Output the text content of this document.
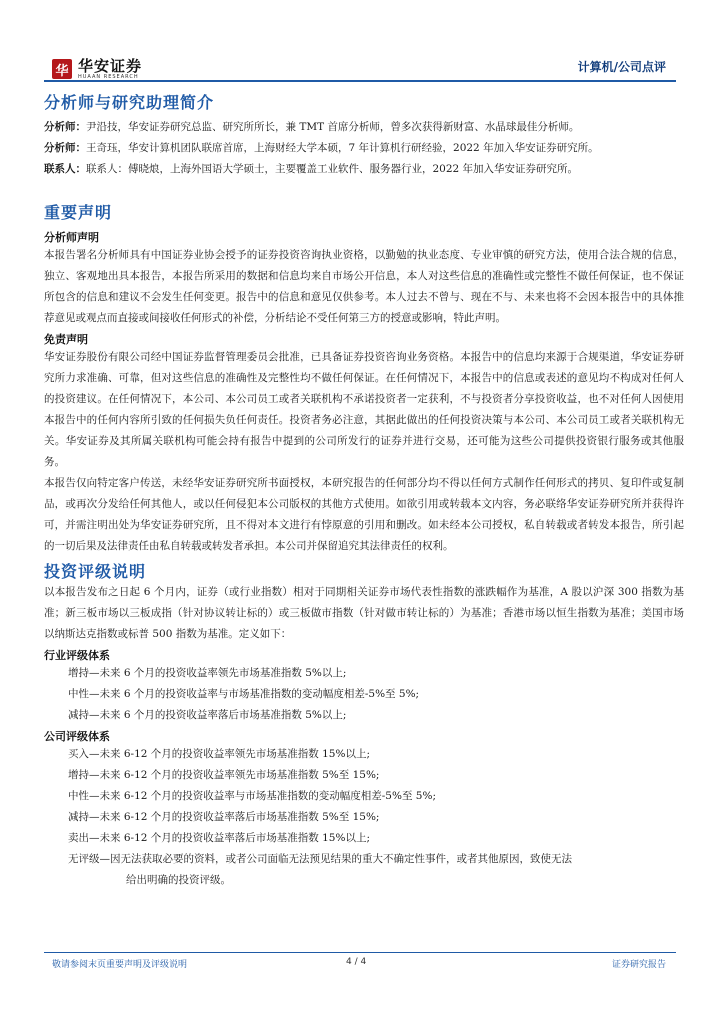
华 华安证券
HUAAN RESEARCH
计算机/公司点评
分析师与研究助理简介
分析师：尹沿技，华安证券研究总监、研究所所长，兼 TMT 首席分析师，曾多次获得新财富、水晶球最佳分析师。
分析师：王奇珏，华安计算机团队联席首席，上海财经大学本硕，7 年计算机行研经验，2022 年加入华安证券研究所。
联系人：联系人：傅晓烺，上海外国语大学硕士，主要覆盖工业软件、服务器行业，2022 年加入华安证券研究所。
重要声明
分析师声明

本报告署名分析师具有中国证券业协会授予的证券投资咨询执业资格，以勤勉的执业态度、专业审慎的研究方法，使用合法合规的信息，独立、客观地出具本报告，本报告所采用的数据和信息均来自市场公开信息，本人对这些信息的准确性或完整性不做任何保证，也不保证所包含的信息和建议不会发生任何变更。报告中的信息和意见仅供参考。本人过去不曾与、现在不与、未来也将不会因本报告中的具体推荐意见或观点而直接或间接收任何形式的补偿，分析结论不受任何第三方的授意或影响，特此声明。

免责声明

华安证券股份有限公司经中国证券监督管理委员会批准，已具备证券投资咨询业务资格。本报告中的信息均来源于合规渠道，华安证券研究所力求准确、可靠，但对这些信息的准确性及完整性均不做任何保证。在任何情况下，本报告中的信息或表述的意见均不构成对任何人的投资建议。在任何情况下，本公司、本公司员工或者关联机构不承诺投资者一定获利，不与投资者分享投资收益，也不对任何人因使用本报告中的任何内容所引致的任何损失负任何责任。投资者务必注意，其据此做出的任何投资决策与本公司、本公司员工或者关联机构无关。华安证券及其所属关联机构可能会持有报告中提到的公司所发行的证券并进行交易，还可能为这些公司提供投资银行服务或其他服务。

本报告仅向特定客户传送，未经华安证券研究所书面授权，本研究报告的任何部分均不得以任何方式制作任何形式的拷贝、复印件或复制品，或再次分发给任何其他人，或以任何侵犯本公司版权的其他方式使用。如欲引用或转载本文内容，务必联络华安证券研究所并获得许可，并需注明出处为华安证券研究所，且不得对本文进行有悖原意的引用和删改。如未经本公司授权，私自转载或者转发本报告，所引起的一切后果及法律责任由私自转载或转发者承担。本公司并保留追究其法律责任的权利。

投资评级说明

以本报告发布之日起 6 个月内，证券（或行业指数）相对于同期相关证券市场代表性指数的涨跌幅作为基准，A 股以沪深 300 指数为基准；新三板市场以三板成指（针对协议转让标的）或三板做市指数（针对做市转让标的）为基准；香港市场以恒生指数为基准；美国市场以纳斯达克指数或标普 500 指数为基准。定义如下：

行业评级体系
增持—未来 6 个月的投资收益率领先市场基准指数 5%以上;
中性—未来 6 个月的投资收益率与市场基准指数的变动幅度相差-5%至 5%;
减持—未来 6 个月的投资收益率落后市场基准指数 5%以上;
公司评级体系
买入—未来 6-12 个月的投资收益率领先市场基准指数 15%以上;
增持—未来 6-12 个月的投资收益率领先市场基准指数 5%至 15%;
中性—未来 6-12 个月的投资收益率与市场基准指数的变动幅度相差-5%至 5%;
减持—未来 6-12 个月的投资收益率落后市场基准指数 5%至 15%;
卖出—未来 6-12 个月的投资收益率落后市场基准指数 15%以上;
无评级—因无法获取必要的资料，或者公司面临无法预见结果的重大不确定性事件，或者其他原因，致使无法
给出明确的投资评级。
敬请参阅末页重要声明及评级说明	4 / 4	证券研究报告
